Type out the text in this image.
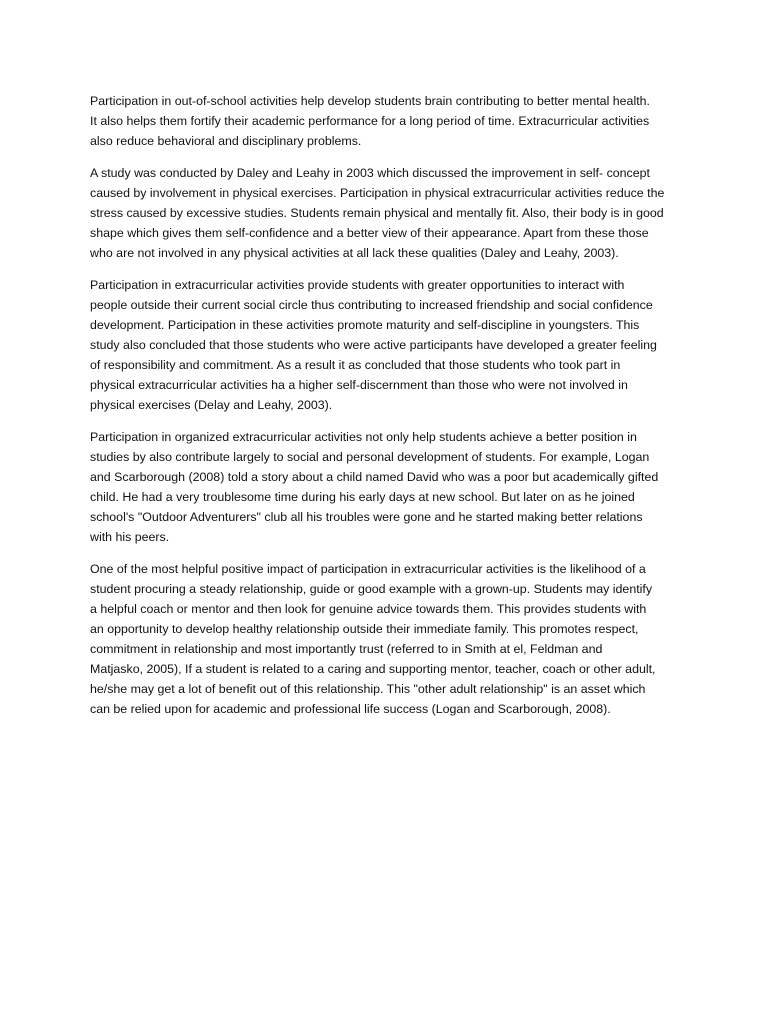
Participation in out-of-school activities help develop students brain contributing to better mental health.
It also helps them fortify their academic performance for a long period of time. Extracurricular activities
also reduce behavioral and disciplinary problems.

A study was conducted by Daley and Leahy in 2003 which discussed the improvement in self- concept
caused by involvement in physical exercises. Participation in physical extracurricular activities reduce the
stress caused by excessive studies. Students remain physical and mentally fit. Also, their body is in good
shape which gives them self-confidence and a better view of their appearance. Apart from these those
who are not involved in any physical activities at all lack these qualities (Daley and Leahy, 2003).

Participation in extracurricular activities provide students with greater opportunities to interact with
people outside their current social circle thus contributing to increased friendship and social confidence
development. Participation in these activities promote maturity and self-discipline in youngsters. This
study also concluded that those students who were active participants have developed a greater feeling
of responsibility and commitment. As a result it as concluded that those students who took part in
physical extracurricular activities ha a higher self-discernment than those who were not involved in
physical exercises (Delay and Leahy, 2003).

Participation in organized extracurricular activities not only help students achieve a better position in
studies by also contribute largely to social and personal development of students. For example, Logan
and Scarborough (2008) told a story about a child named David who was a poor but academically gifted
child. He had a very troublesome time during his early days at new school. But later on as he joined
school's "Outdoor Adventurers" club all his troubles were gone and he started making better relations
with his peers.

One of the most helpful positive impact of participation in extracurricular activities is the likelihood of a
student procuring a steady relationship, guide or good example with a grown-up. Students may identify
a helpful coach or mentor and then look for genuine advice towards them. This provides students with
an opportunity to develop healthy relationship outside their immediate family. This promotes respect,
commitment in relationship and most importantly trust (referred to in Smith at el, Feldman and
Matjasko, 2005), If a student is related to a caring and supporting mentor, teacher, coach or other adult,
he/she may get a lot of benefit out of this relationship. This "other adult relationship" is an asset which
can be relied upon for academic and professional life success (Logan and Scarborough, 2008).
